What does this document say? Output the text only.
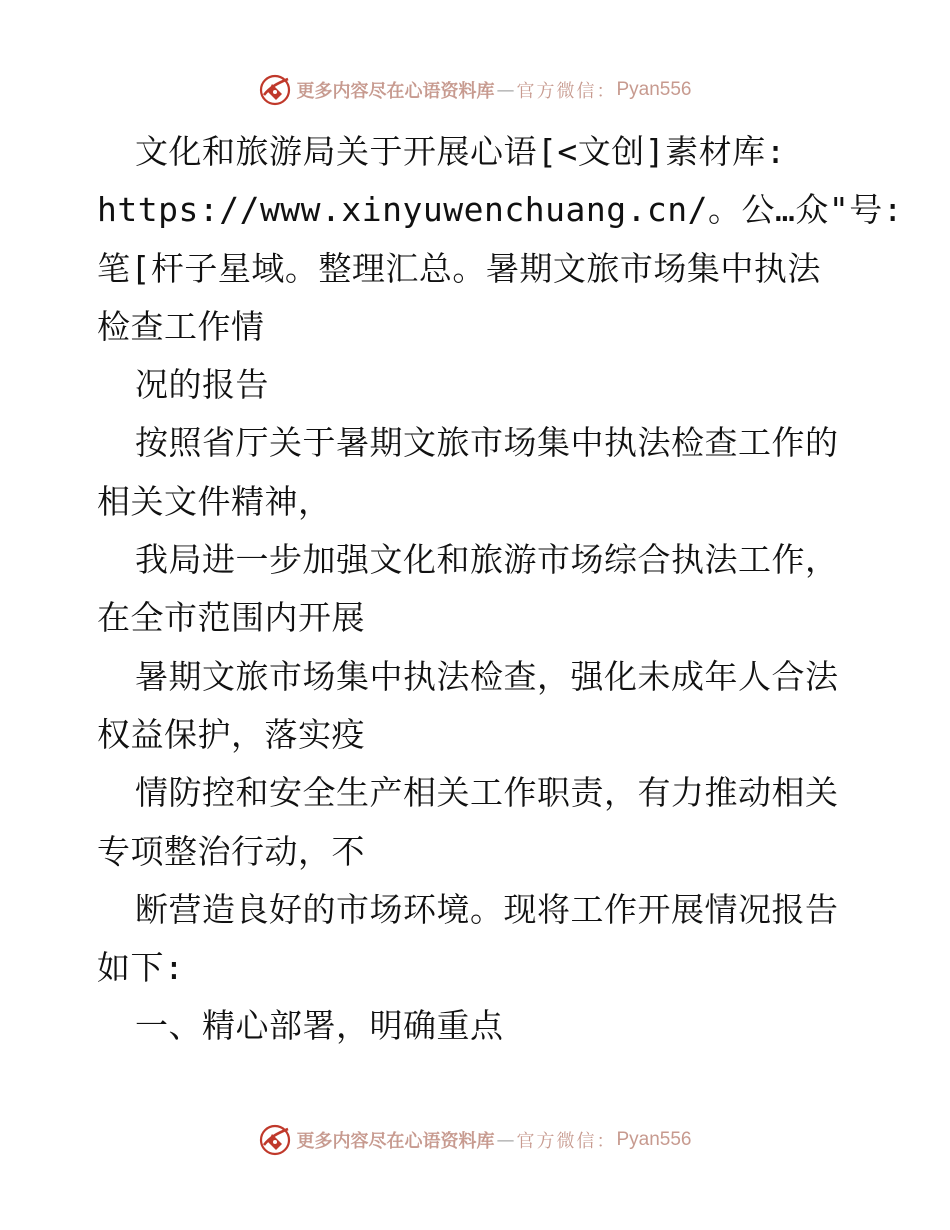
更多内容尽在心语资料库 — 官方微信： Pyan556
文化和旅游局关于开展心语[<文创]素材库:
https://www.xinyuwenchuang.cn/。公…众"号:
笔[杆子星域。整理汇总。暑期文旅市场集中执法
检查工作情
况的报告
按照省厅关于暑期文旅市场集中执法检查工作的
相关文件精神，
我局进一步加强文化和旅游市场综合执法工作，
在全市范围内开展
暑期文旅市场集中执法检查，强化未成年人合法
权益保护，落实疫
情防控和安全生产相关工作职责，有力推动相关
专项整治行动，不
断营造良好的市场环境。现将工作开展情况报告
如下:
一、精心部署，明确重点
更多内容尽在心语资料库 — 官方微信： Pyan556
